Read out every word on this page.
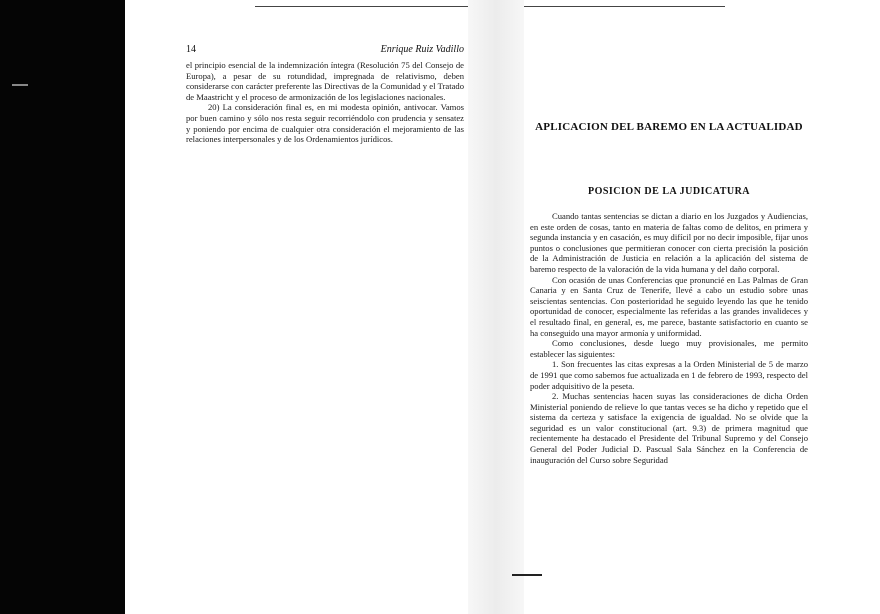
14	Enrique Ruiz Vadillo

el principio esencial de la indemnización íntegra (Resolución 75 del Consejo de Europa), a pesar de su rotundidad, impregnada de relativismo, deben considerarse con carácter preferente las Directivas de la Comunidad y el Tratado de Maastricht y el proceso de armonización de los legislaciones nacionales.

20) La consideración final es, en mi modesta opinión, antivocar. Vamos por buen camino y sólo nos resta seguir recorriéndolo con prudencia y sensatez y poniendo por encima de cualquier otra consideración el mejoramiento de las relaciones interpersonales y de los Ordenamientos jurídicos.

APLICACION DEL BAREMO EN LA ACTUALIDAD
POSICION DE LA JUDICATURA

Cuando tantas sentencias se dictan a diario en los Juzgados y Audiencias, en este orden de cosas, tanto en materia de faltas como de delitos, en primera y segunda instancia y en casación, es muy difícil por no decir imposible, fijar unos puntos o conclusiones que permitieran conocer con cierta precisión la posición de la Administración de Justicia en relación a la aplicación del sistema de baremo respecto de la valoración de la vida humana y del daño corporal.

Con ocasión de unas Conferencias que pronuncié en Las Palmas de Gran Canaria y en Santa Cruz de Tenerife, llevé a cabo un estudio sobre unas seiscientas sentencias. Con posterioridad he seguido leyendo las que he tenido oportunidad de conocer, especialmente las referidas a las grandes invalideces y el resultado final, en general, es, me parece, bastante satisfactorio en cuanto se ha conseguido una mayor armonía y uniformidad.

Como conclusiones, desde luego muy provisionales, me permito establecer las siguientes:

1. Son frecuentes las citas expresas a la Orden Ministerial de 5 de marzo de 1991 que como sabemos fue actualizada en 1 de febrero de 1993, respecto del poder adquisitivo de la peseta.

2. Muchas sentencias hacen suyas las consideraciones de dicha Orden Ministerial poniendo de relieve lo que tantas veces se ha dicho y repetido que el sistema da certeza y satisface la exigencia de igualdad. No se olvide que la seguridad es un valor constitucional (art. 9.3) de primera magnitud que recientemente ha destacado el Presidente del Tribunal Supremo y del Consejo General del Poder Judicial D. Pascual Sala Sánchez en la Conferencia de inauguración del Curso sobre Seguridad
